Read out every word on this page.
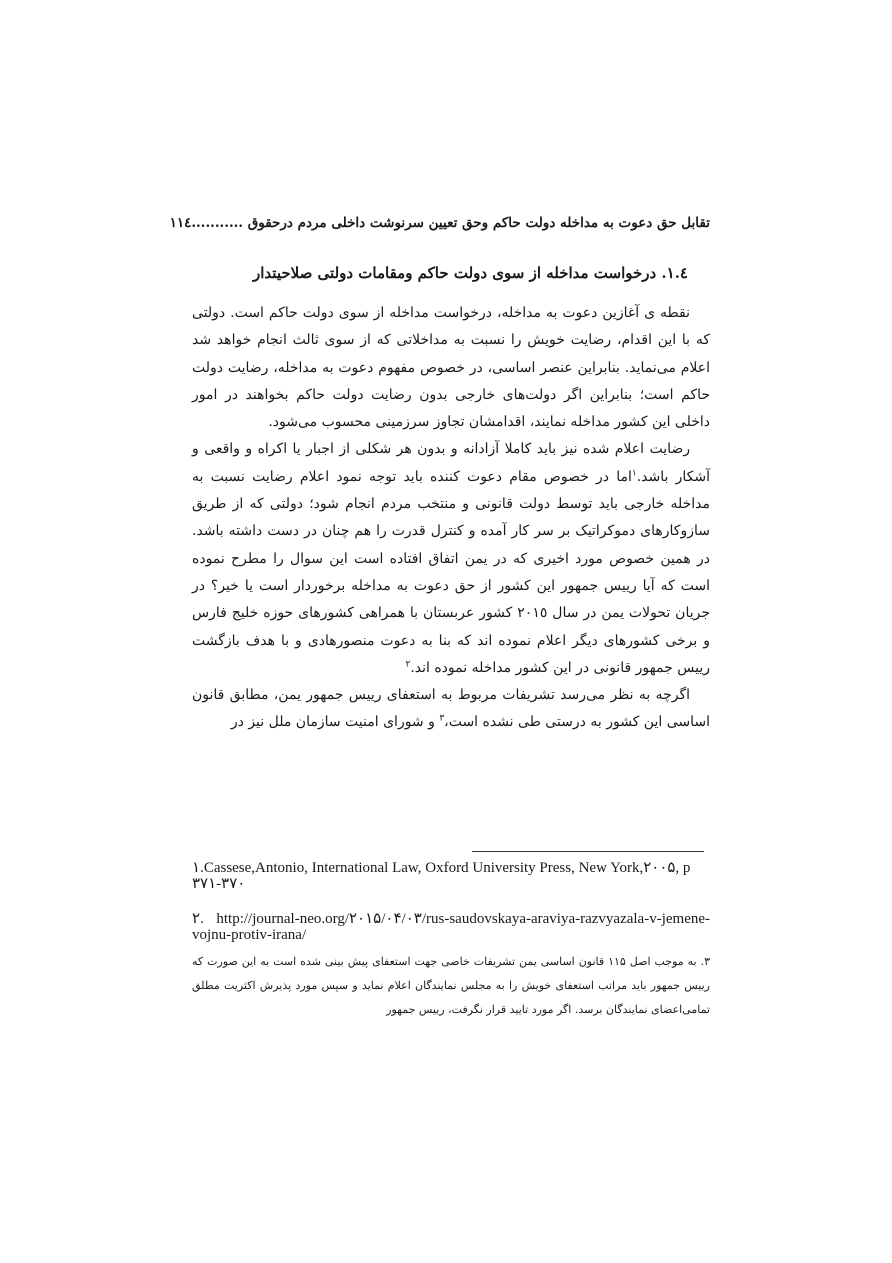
تقابل حق دعوت به مداخله دولت حاکم وحق تعیین سرنوشت داخلی مردم درحقوق ...........١١٤
١.٤. درخواست مداخله از سوی دولت حاکم ومقامات دولتی صلاحیتدار

نقطه ی آغازین دعوت به مداخله، درخواست مداخله از سوی دولت حاکم است. دولتی که با این اقدام، رضایت خویش را نسبت به مداخلاتی که از سوی ثالث انجام خواهد شد اعلام می‌نماید. بنابراین عنصر اساسی، در خصوص مفهوم دعوت به مداخله، رضایت دولت حاکم است؛ بنابراین اگر دولت‌های خارجی بدون رضایت دولت حاکم بخواهند در امور داخلی این کشور مداخله نمایند، اقدامشان تجاوز سرزمینی محسوب می‌شود.

رضایت اعلام شده نیز باید کاملا آزادانه و بدون هر شکلی از اجبار یا اکراه و واقعی و آشکار باشد.$^١$اما در خصوص مقام دعوت کننده باید توجه نمود اعلام رضایت نسبت به مداخله خارجی باید توسط دولت قانونی و منتخب مردم انجام شود؛ دولتی که از طریق سازوکارهای دموکراتیک بر سر کار آمده و کنترل قدرت را هم چنان در دست داشته باشد. در همین خصوص مورد اخیری که در یمن اتفاق افتاده است این سوال را مطرح نموده است که آیا رییس جمهور این کشور از حق دعوت به مداخله برخوردار است یا خیر؟ در جریان تحولات یمن در سال ٢٠١٥ کشور عربستان با همراهی کشورهای حوزه خلیج فارس و برخی کشورهای دیگر اعلام نموده اند که بنا به دعوت منصورهادی و با هدف بازگشت رییس جمهور قانونی در این کشور مداخله نموده اند.$^٢$

اگرچه به نظر می‌رسد تشریفات مربوط به استعفای رییس جمهور یمن، مطابق قانون اساسی این کشور به درستی طی نشده است،$^٣$ و شورای امنیت سازمان ملل نیز در

١.Cassese,Antonio, International Law, Oxford University Press, New York,٢٠٠۵, p ٣٧٠-٣٧١
٢. http://journal-neo.org/٢٠١۵/٠۴/٠٣/rus-saudovskaya-araviya-razvyazala-v-jemene-vojnu-protiv-irana/
٣. به موجب اصل ١١۵ قانون اساسی یمن تشریفات خاصی جهت استعفای پیش بینی شده است به این صورت که رییس جمهور باید مراتب استعفای خویش را به مجلس نمایندگان اعلام نماید و سپس مورد پذیرش اکثریت مطلق تمامی‌اعضای نمایندگان برسد. اگر مورد تایید قرار نگرفت، رییس جمهور
